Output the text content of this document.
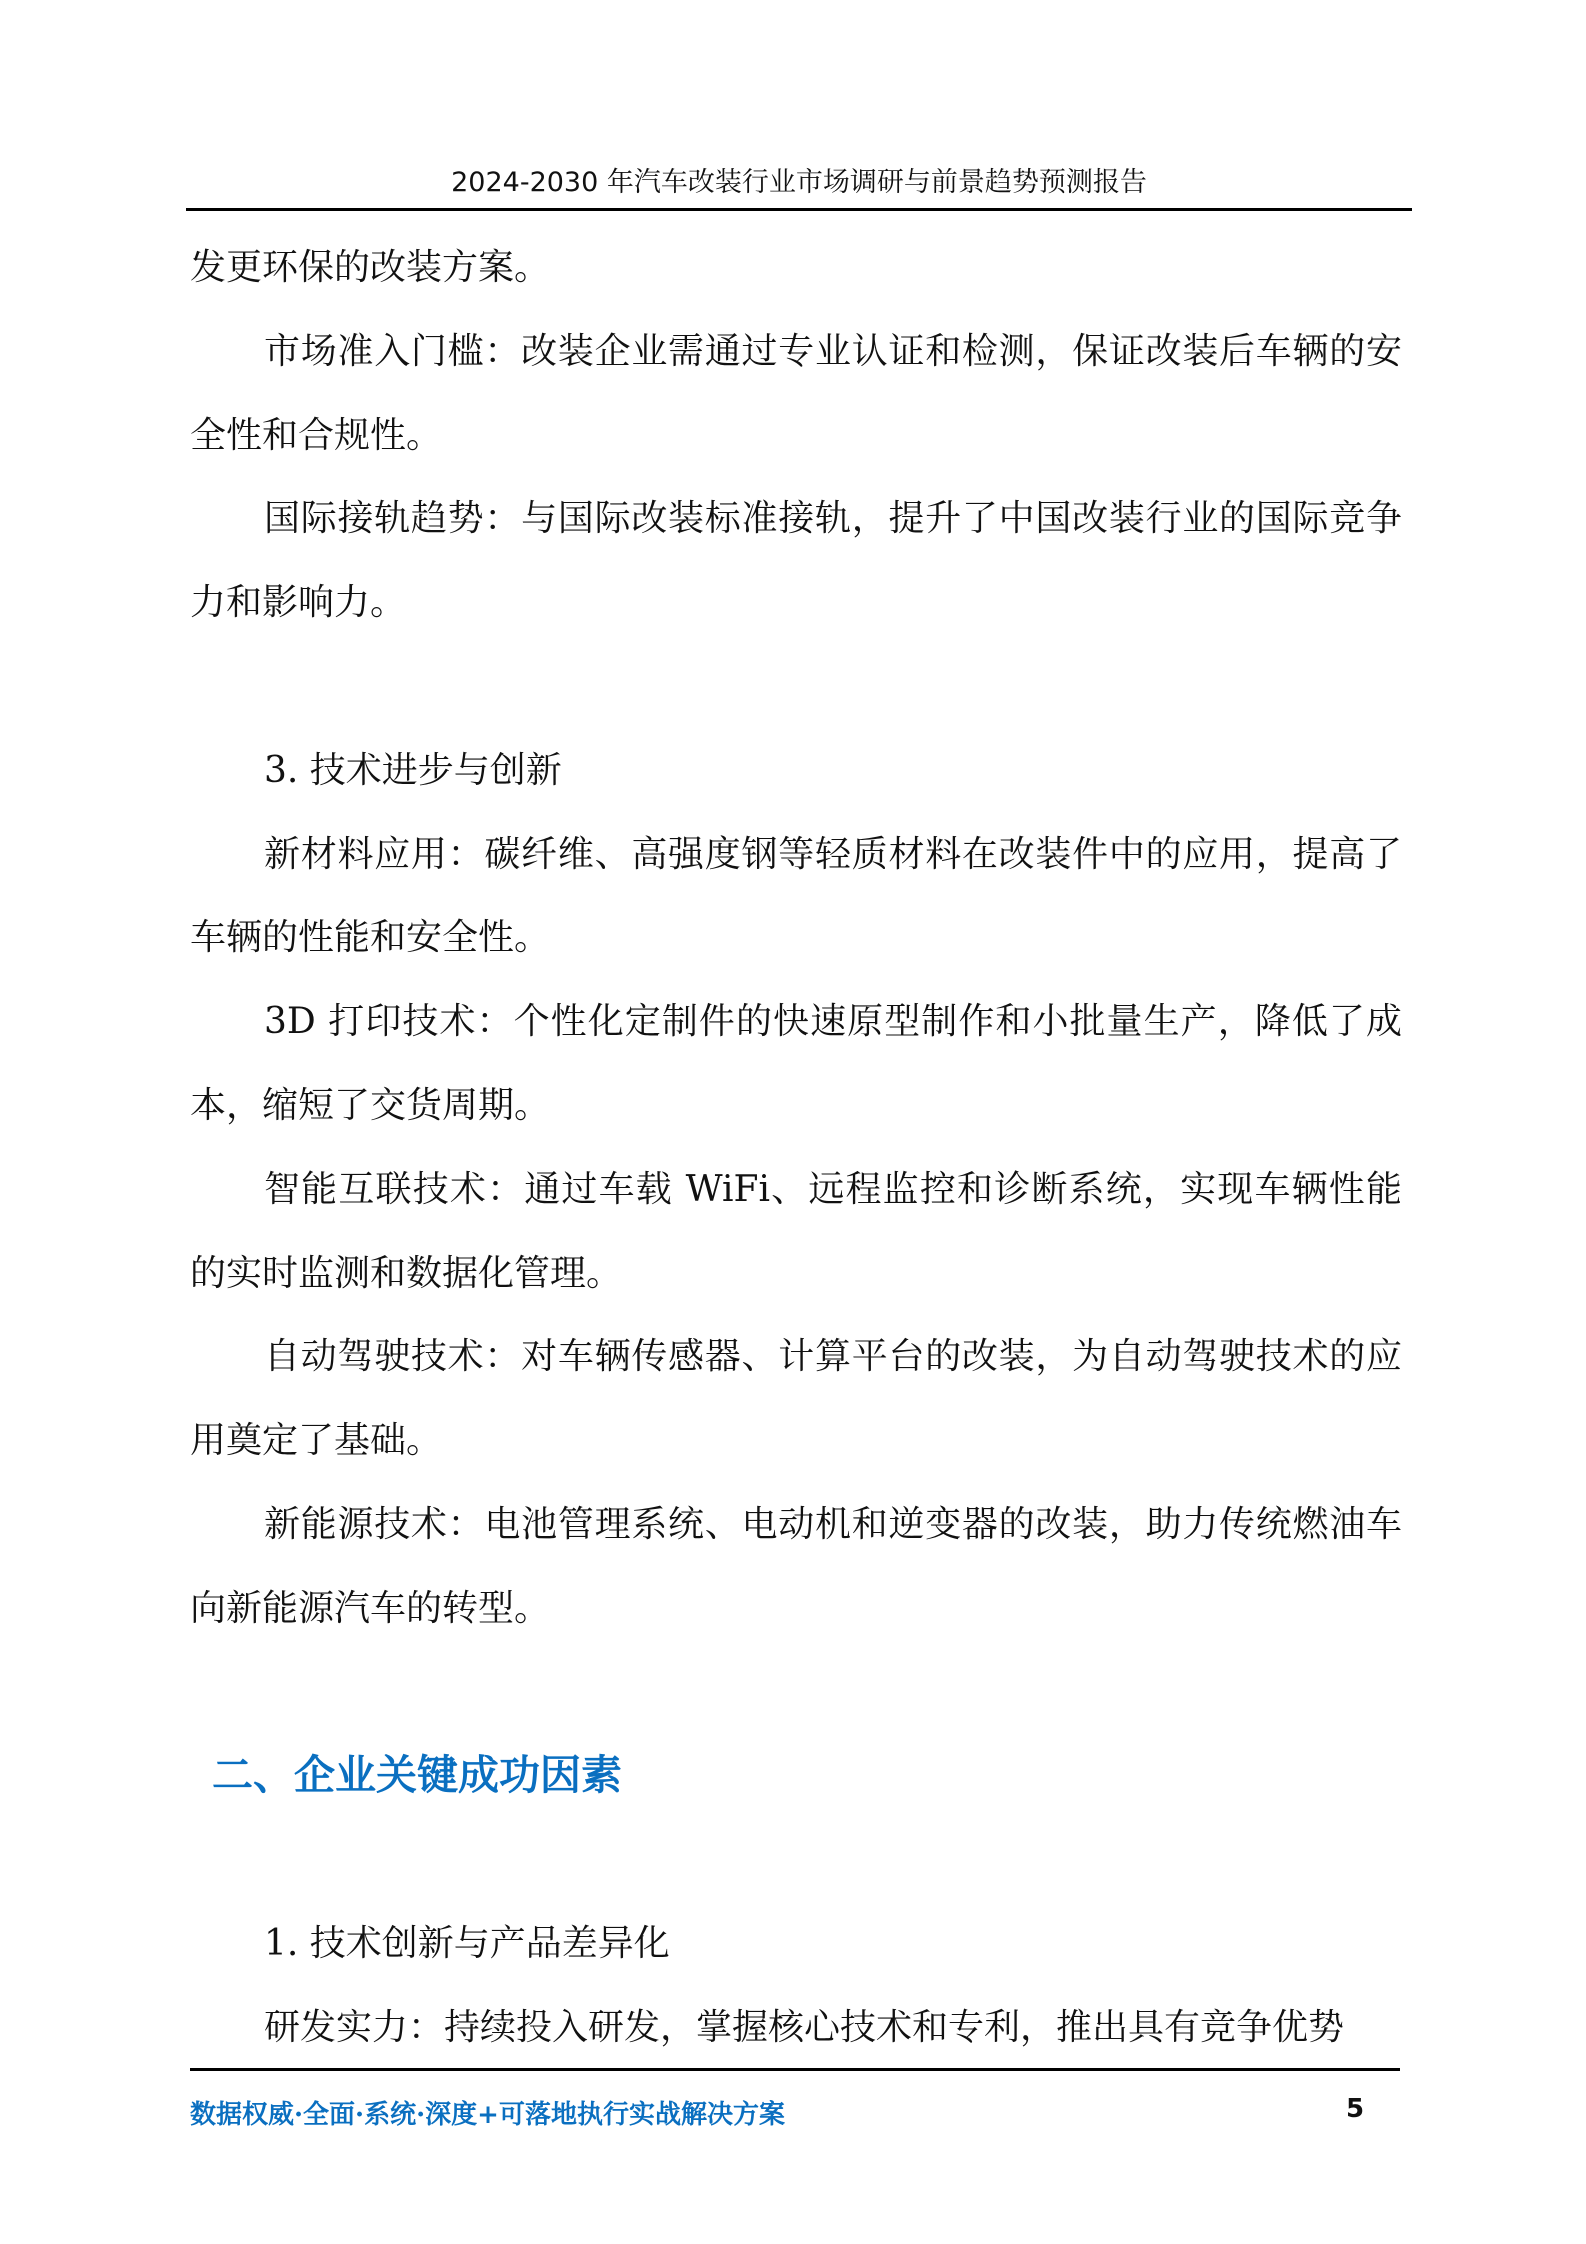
2024-2030 年汽车改装行业市场调研与前景趋势预测报告

发更环保的改装方案。

市场准入门槛：改装企业需通过专业认证和检测，保证改装后车辆的安全性和合规性。

国际接轨趋势：与国际改装标准接轨，提升了中国改装行业的国际竞争力和影响力。

3. 技术进步与创新

新材料应用：碳纤维、高强度钢等轻质材料在改装件中的应用，提高了车辆的性能和安全性。

3D 打印技术：个性化定制件的快速原型制作和小批量生产，降低了成本，缩短了交货周期。

智能互联技术：通过车载 WiFi、远程监控和诊断系统，实现车辆性能的实时监测和数据化管理。

自动驾驶技术：对车辆传感器、计算平台的改装，为自动驾驶技术的应用奠定了基础。

新能源技术：电池管理系统、电动机和逆变器的改装，助力传统燃油车向新能源汽车的转型。

二、企业关键成功因素

1. 技术创新与产品差异化

研发实力：持续投入研发，掌握核心技术和专利，推出具有竞争优势

数据权威·全面·系统·深度+可落地执行实战解决方案	5
